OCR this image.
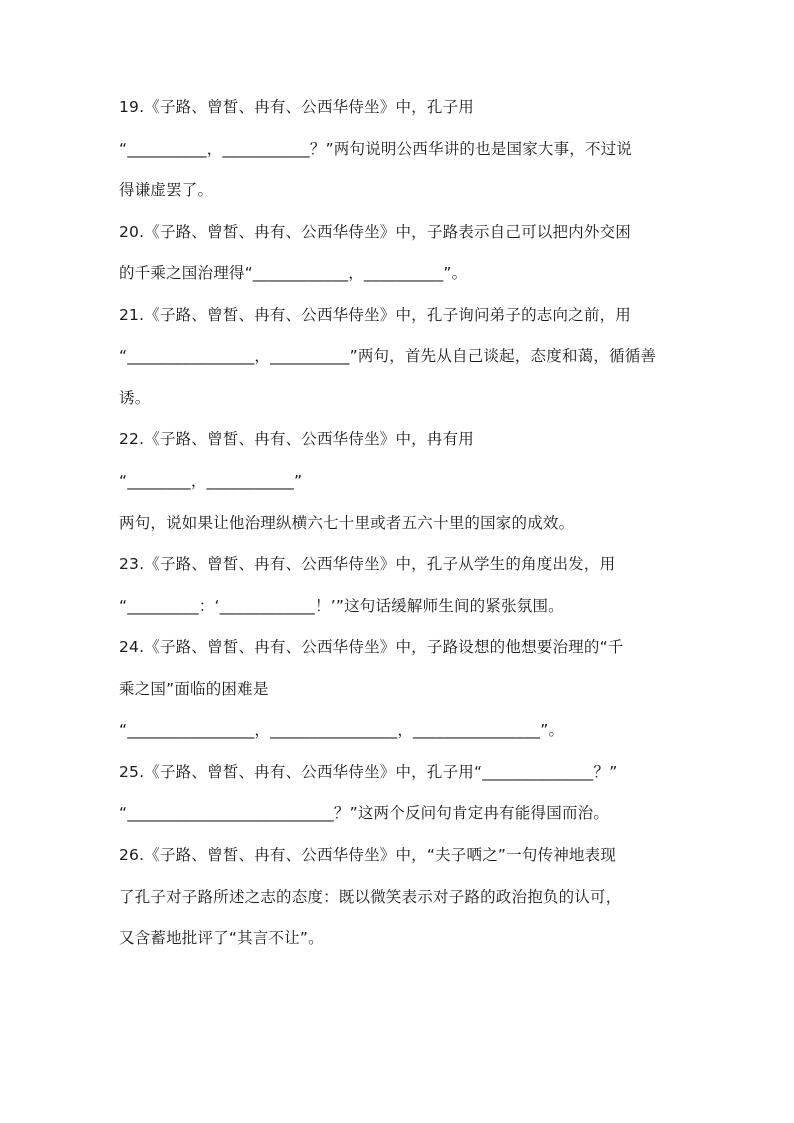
19.《子路、曾皙、冉有、公西华侍坐》中，孔子用
“__________，___________？”两句说明公西华讲的也是国家大事，不过说
得谦虚罢了。
20.《子路、曾皙、冉有、公西华侍坐》中，子路表示自己可以把内外交困
的千乘之国治理得“____________，__________”。
21.《子路、曾皙、冉有、公西华侍坐》中，孔子询问弟子的志向之前，用
“________________，__________”两句，首先从自己谈起，态度和蔼，循循善
诱。
22.《子路、曾皙、冉有、公西华侍坐》中，冉有用
“________，___________”
两句，说如果让他治理纵横六七十里或者五六十里的国家的成效。
23.《子路、曾皙、冉有、公西华侍坐》中，孔子从学生的角度出发，用
“_________：‘____________！’”这句话缓解师生间的紧张氛围。
24.《子路、曾皙、冉有、公西华侍坐》中，子路设想的他想要治理的“千
乘之国”面临的困难是
“________________，________________，________________”。
25.《子路、曾皙、冉有、公西华侍坐》中，孔子用“______________？”
“__________________________？”这两个反问句肯定冉有能得国而治。
26.《子路、曾皙、冉有、公西华侍坐》中，“夫子哂之”一句传神地表现
了孔子对子路所述之志的态度：既以微笑表示对子路的政治抱负的认可，
又含蓄地批评了“其言不让”。
